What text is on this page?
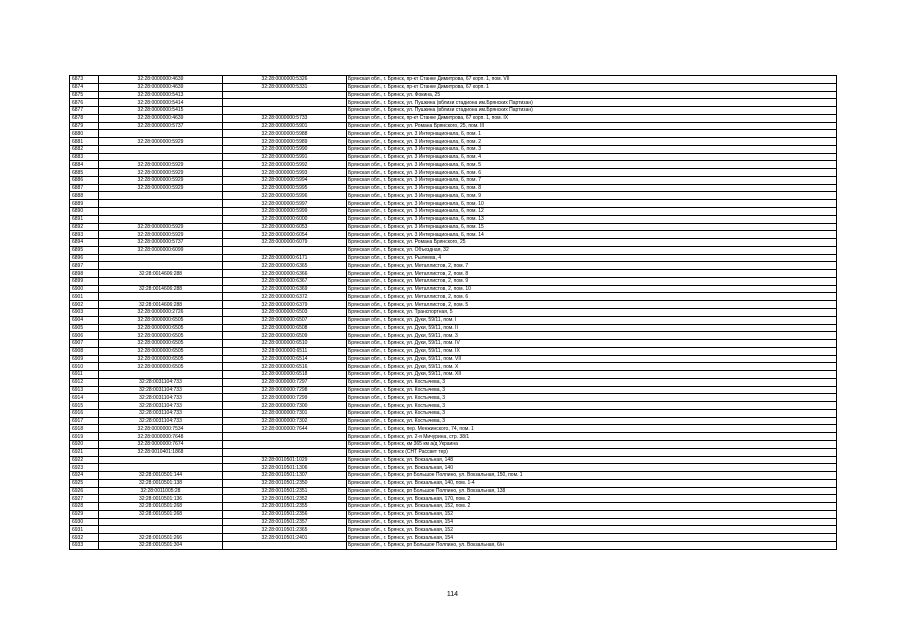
6873	32:28:0000000:4639	32:28:0000000:5326	Брянская обл., г. Брянск, пр-кт Станке Димитрова, 67 корп. 1, пом. VII
6874	32:28:0000000:4639	32:28:0000000:5331	Брянская обл., г. Брянск, пр-кт Станке Димитрова, 67 корп. 1
6875	32:28:0000000:5413		Брянская обл., г. Брянск, ул. Фокина, 25
6876	32:28:0000000:5414		Брянская обл., г. Брянск, ул. Пушкина (вблизи стадиона им.Брянских Партизан)
6877	32:28:0000000:5415		Брянская обл., г. Брянск, ул. Пушкина (вблизи стадиона им.Брянских Партизан)
6878	32:28:0000000:4639	32:28:0000000:5733	Брянская обл., г. Брянск, пр-кт Станке Димитрова, 67 корп. 1, пом. IX
6879	32:28:0000000:5737	32:28:0000000:5901	Брянская обл., г. Брянск, ул. Романа Брянского, 25, пом. III
6880		32:28:0000000:5988	Брянская обл., г. Брянск, ул. 3 Интернационала, 6, пом. 1
6881	32:28:0000000:5929	32:28:0000000:5989	Брянская обл., г. Брянск, ул. 3 Интернационала, 6, пом. 2
6882		32:28:0000000:5990	Брянская обл., г. Брянск, ул. 3 Интернационала, 6, пом. 3
6883		32:28:0000000:5991	Брянская обл., г. Брянск, ул. 3 Интернационала, 6, пом. 4
6884	32:28:0000000:5929	32:28:0000000:5992	Брянская обл., г. Брянск, ул. 3 Интернационала, 6, пом. 5
6885	32:28:0000000:5929	32:28:0000000:5993	Брянская обл., г. Брянск, ул. 3 Интернационала, 6, пом. 6
6886	32:28:0000000:5929	32:28:0000000:5994	Брянская обл., г. Брянск, ул. 3 Интернационала, 6, пом. 7
6887	32:28:0000000:5929	32:28:0000000:5995	Брянская обл., г. Брянск, ул. 3 Интернационала, 6, пом. 8
6888		32:28:0000000:5996	Брянская обл., г. Брянск, ул. 3 Интернационала, 6, пом. 9
6889		32:28:0000000:5997	Брянская обл., г. Брянск, ул. 3 Интернационала, 6, пом. 10
6890		32:28:0000000:5999	Брянская обл., г. Брянск, ул. 3 Интернационала, 6, пом. 12
6891		32:28:0000000:6000	Брянская обл., г. Брянск, ул. 3 Интернационала, 6, пом. 13
6892	32:28:0000000:5929	32:28:0000000:6053	Брянская обл., г. Брянск, ул. 3 Интернационала, 6, пом. 15
6893	32:28:0000000:5929	32:28:0000000:6054	Брянская обл., г. Брянск, ул. 3 Интернационала, 6, пом. 14
6894	32:28:0000000:5737	32:28:0000000:6079	Брянская обл., г. Брянск, ул. Романа Брянского, 25
6895	32:28:0000000:6099		Брянская обл., г. Брянск, ул. Объездная, 32
6896		32:28:0000000:6171	Брянская обл., г. Брянск, ул. Рылеева, 4
6897		32:28:0000000:6365	Брянская обл., г. Брянск, ул. Металлистов, 2, пом. 7
6898	32:28:0014606:288	32:28:0000000:6366	Брянская обл., г. Брянск, ул. Металлистов, 2, пом. 8
6899		32:28:0000000:6367	Брянская обл., г. Брянск, ул. Металлистов, 2, пом. 9
6900	32:28:0014606:288	32:28:0000000:6369	Брянская обл., г. Брянск, ул. Металлистов, 2, пом. 10
6901		32:28:0000000:6372	Брянская обл., г. Брянск, ул. Металлистов, 2, пом. 6
6902	32:28:0014606:288	32:28:0000000:6379	Брянская обл., г. Брянск, ул. Металлистов, 2, пом. 5
6903	32:28:0000000:2726	32:28:0000000:6503	Брянская обл., г. Брянск, ул. Транспортная, 5
6904	32:28:0000000:6505	32:28:0000000:6507	Брянская обл., г. Брянск, ул. Дуки, 59/11, пом. I
6905	32:28:0000000:6505	32:28:0000000:6508	Брянская обл., г. Брянск, ул. Дуки, 59/11, пом. II
6906	32:28:0000000:6505	32:28:0000000:6509	Брянская обл., г. Брянск, ул. Дуки, 59/11, пом. 3
6907	32:28:0000000:6505	32:28:0000000:6510	Брянская обл., г. Брянск, ул. Дуки, 59/11, пом. IV
6908	32:28:0000000:6505	32:28:0000000:6511	Брянская обл., г. Брянск, ул. Дуки, 59/11, пом. IX
6909	32:28:0000000:6505	32:28:0000000:6514	Брянская обл., г. Брянск, ул. Дуки, 59/11, пом. VII
6910	32:28:0000000:6505	32:28:0000000:6516	Брянская обл., г. Брянск, ул. Дуки, 59/11, пом. X
6911		32:28:0000000:6518	Брянская обл., г. Брянск, ул. Дуки, 59/11, пом. XII
6912	32:28:0031104:733	32:28:0000000:7297	Брянская обл., г. Брянск, ул. Костычева, 3
6913	32:28:0031104:733	32:28:0000000:7298	Брянская обл., г. Брянск, ул. Костычева, 3
6914	32:28:0031104:733	32:28:0000000:7299	Брянская обл., г. Брянск, ул. Костычева, 3
6915	32:28:0031104:733	32:28:0000000:7300	Брянская обл., г. Брянск, ул. Костычева, 3
6916	32:28:0031104:733	32:28:0000000:7301	Брянская обл., г. Брянск, ул. Костычева, 3
6917	32:28:0031104:733	32:28:0000000:7302	Брянская обл., г. Брянск, ул. Костычева, 3
6918	32:28:0000000:7534	32:28:0000000:7644	Брянская обл., г. Брянск, пер. Менжинского, 74, пом. 1
6919	32:28:0000000:7648		Брянская обл., г. Брянск, ул. 2-я Мичурина, стр. 38/1
6920	32:28:0000000:7674		Брянская обл., г. Брянск, км 365 км а/д Украина
6921	32:28:0010401:1868		Брянская обл., г. Брянск (СНТ Рассвет тер)
6922		32:28:0010501:1029	Брянская обл., г. Брянск, ул. Вокзальная, 148
6923		32:28:0010501:1306	Брянская обл., г. Брянск, ул. Вокзальная, 140
6924	32:28:0010501:144	32:28:0010501:1307	Брянская обл., г. Брянск, рп Большое Полпино, ул. Вокзальная, 150, пом. 1
6925	32:28:0010501:138	32:28:0010501:2350	Брянская обл., г. Брянск, ул. Вокзальная, 140, пом. 1-4
6926	32:28:0011005:28	32:28:0010501:2351	Брянская обл., г. Брянск, рп Большое Полпино, ул. Вокзальная, 138
6927	32:28:0010501:136	32:28:0010501:2352	Брянская обл., г. Брянск, ул. Вокзальная, 170, пом. 2
6928	32:28:0010501:268	32:28:0010501:2355	Брянская обл., г. Брянск, ул. Вокзальная, 152, пом. 2
6929	32:28:0010501:268	32:28:0010501:2356	Брянская обл., г. Брянск, ул. Вокзальная, 152
6930		32:28:0010501:2357	Брянская обл., г. Брянск, ул. Вокзальная, 154
6931		32:28:0010501:2365	Брянская обл., г. Брянск, ул. Вокзальная, 152
6932	32:28:0010501:266	32:28:0010501:2401	Брянская обл., г. Брянск, ул. Вокзальная, 154
6933	32:28:0010501:304		Брянская обл., г. Брянск, рп Большое Полпино, ул. Вокзальная, 6/н
114
